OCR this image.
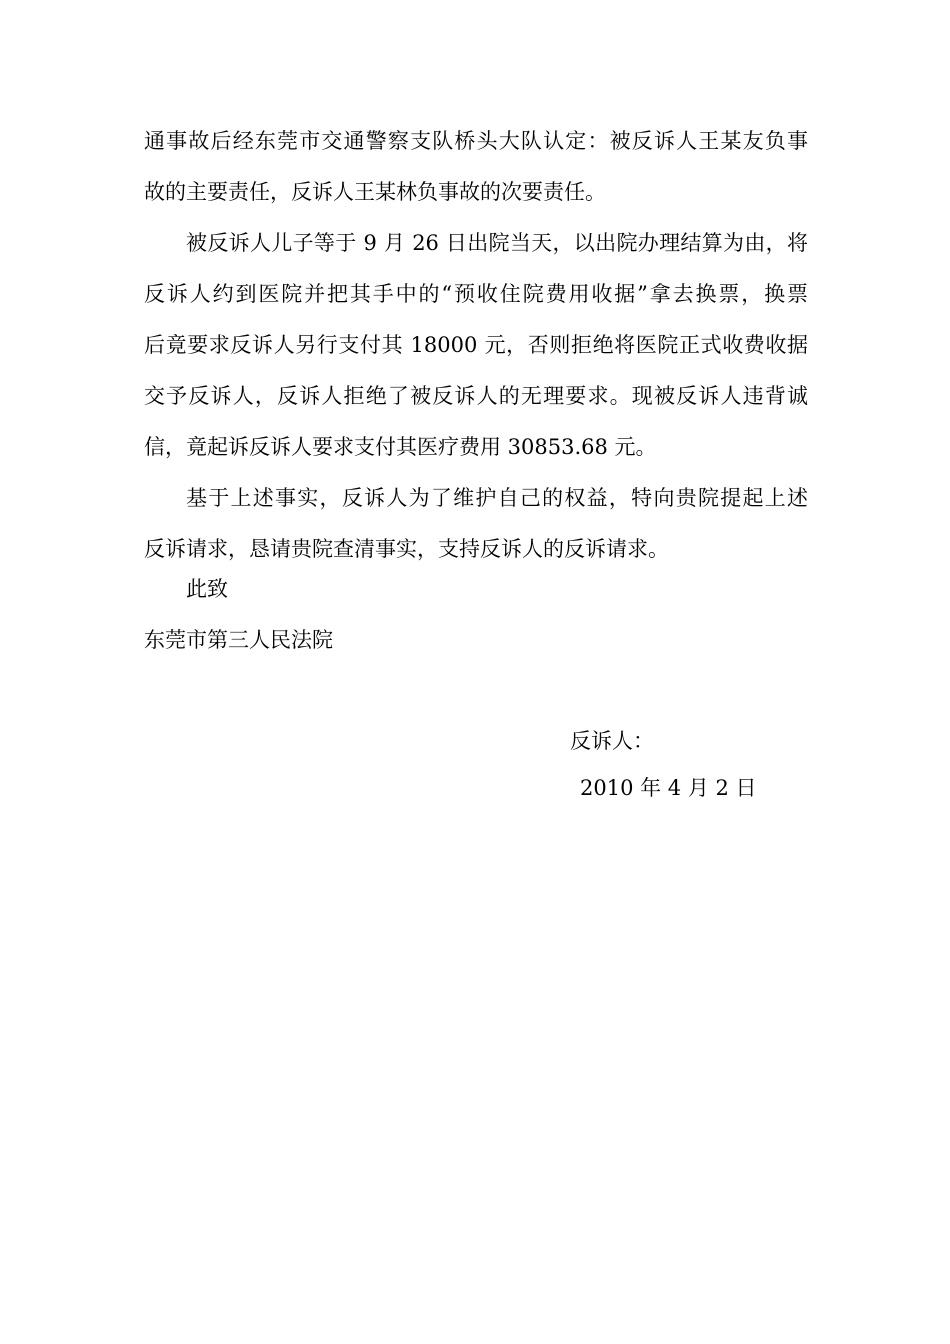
通事故后经东莞市交通警察支队桥头大队认定：被反诉人王某友负事
故的主要责任，反诉人王某林负事故的次要责任。
被反诉人儿子等于 9 月 26 日出院当天，以出院办理结算为由，将
反诉人约到医院并把其手中的“预收住院费用收据”拿去换票，换票
后竟要求反诉人另行支付其 18000 元，否则拒绝将医院正式收费收据
交予反诉人，反诉人拒绝了被反诉人的无理要求。现被反诉人违背诚
信，竟起诉反诉人要求支付其医疗费用 30853.68 元。
基于上述事实，反诉人为了维护自己的权益，特向贵院提起上述
反诉请求，恳请贵院查清事实，支持反诉人的反诉请求。
此致
东莞市第三人民法院
反诉人：
2010 年 4 月 2 日
